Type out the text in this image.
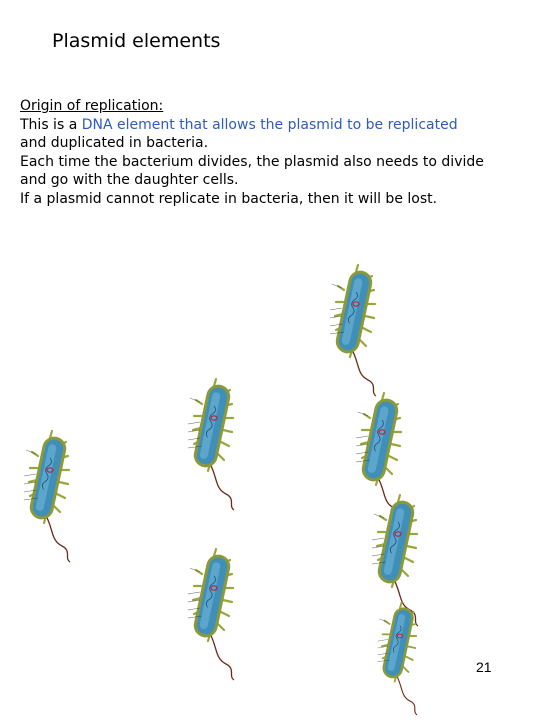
Plasmid elements
Origin of replication:
This is a DNA element that allows the plasmid to be replicated
and duplicated in bacteria.
Each time the bacterium divides, the plasmid also needs to divide
and go with the daughter cells.
If a plasmid cannot replicate in bacteria, then it will be lost.
21
